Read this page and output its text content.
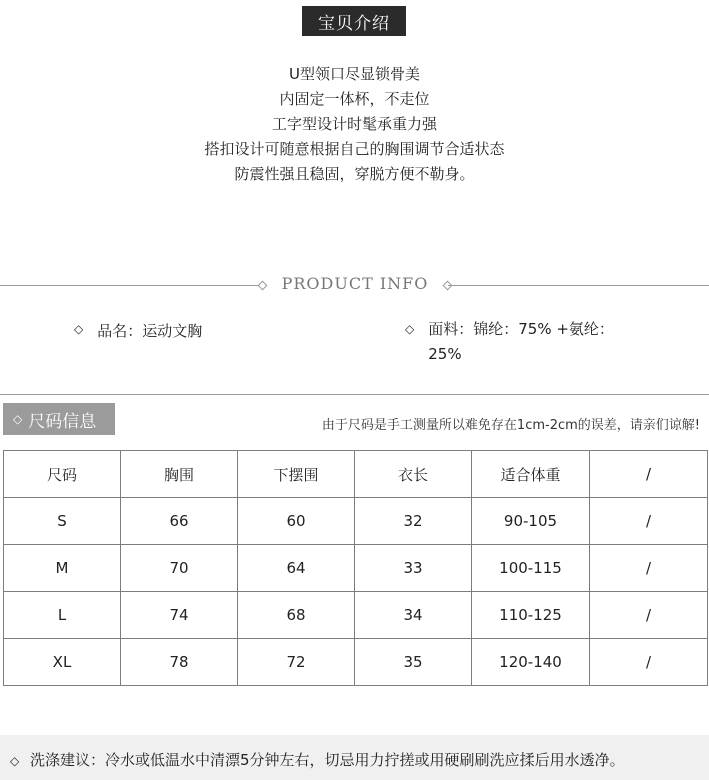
宝贝介绍
U型领口尽显锁骨美
内固定一体杯，不走位
工字型设计时髦承重力强
搭扣设计可随意根据自己的胸围调节合适状态
防震性强且稳固，穿脱方便不勒身。
PRODUCT INFO
◇ 品名：运动文胸	◇ 面料：锦纶：75% +氨纶：25%
◇ 尺码信息	由于尺码是手工测量所以难免存在1cm-2cm的误差，请亲们谅解!
尺码	胸围	下摆围	衣长	适合体重	/
S	66	60	32	90-105	/
M	70	64	33	100-115	/
L	74	68	34	110-125	/
XL	78	72	35	120-140	/
◇ 洗涤建议：冷水或低温水中清漂5分钟左右，切忌用力拧搓或用硬刷刷洗应揉后用水透净。
